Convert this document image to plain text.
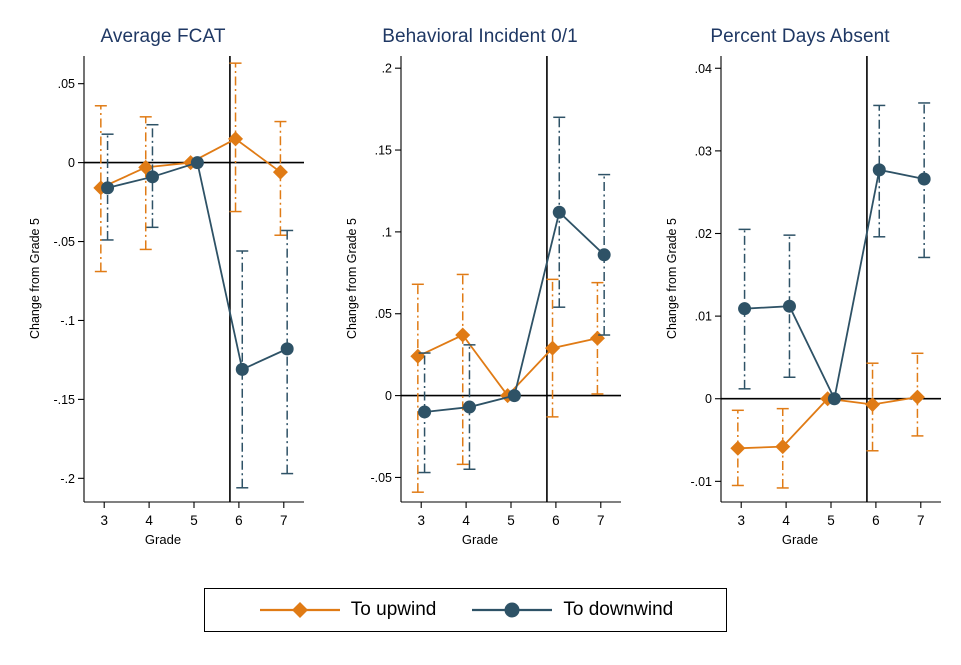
Average FCAT
-.2
-.15
-.1
-.05
0
.05
3	4	5	6	7
Change from Grade 5
Grade
Behavioral Incident 0/1
-.05
0
.05
.1
.15
.2
3	4	5	6	7
Change from Grade 5
Grade
Percent Days Absent
-.01
0
.01
.02
.03
.04
3	4	5	6	7
Change from Grade 5
Grade
To upwind	To downwind
